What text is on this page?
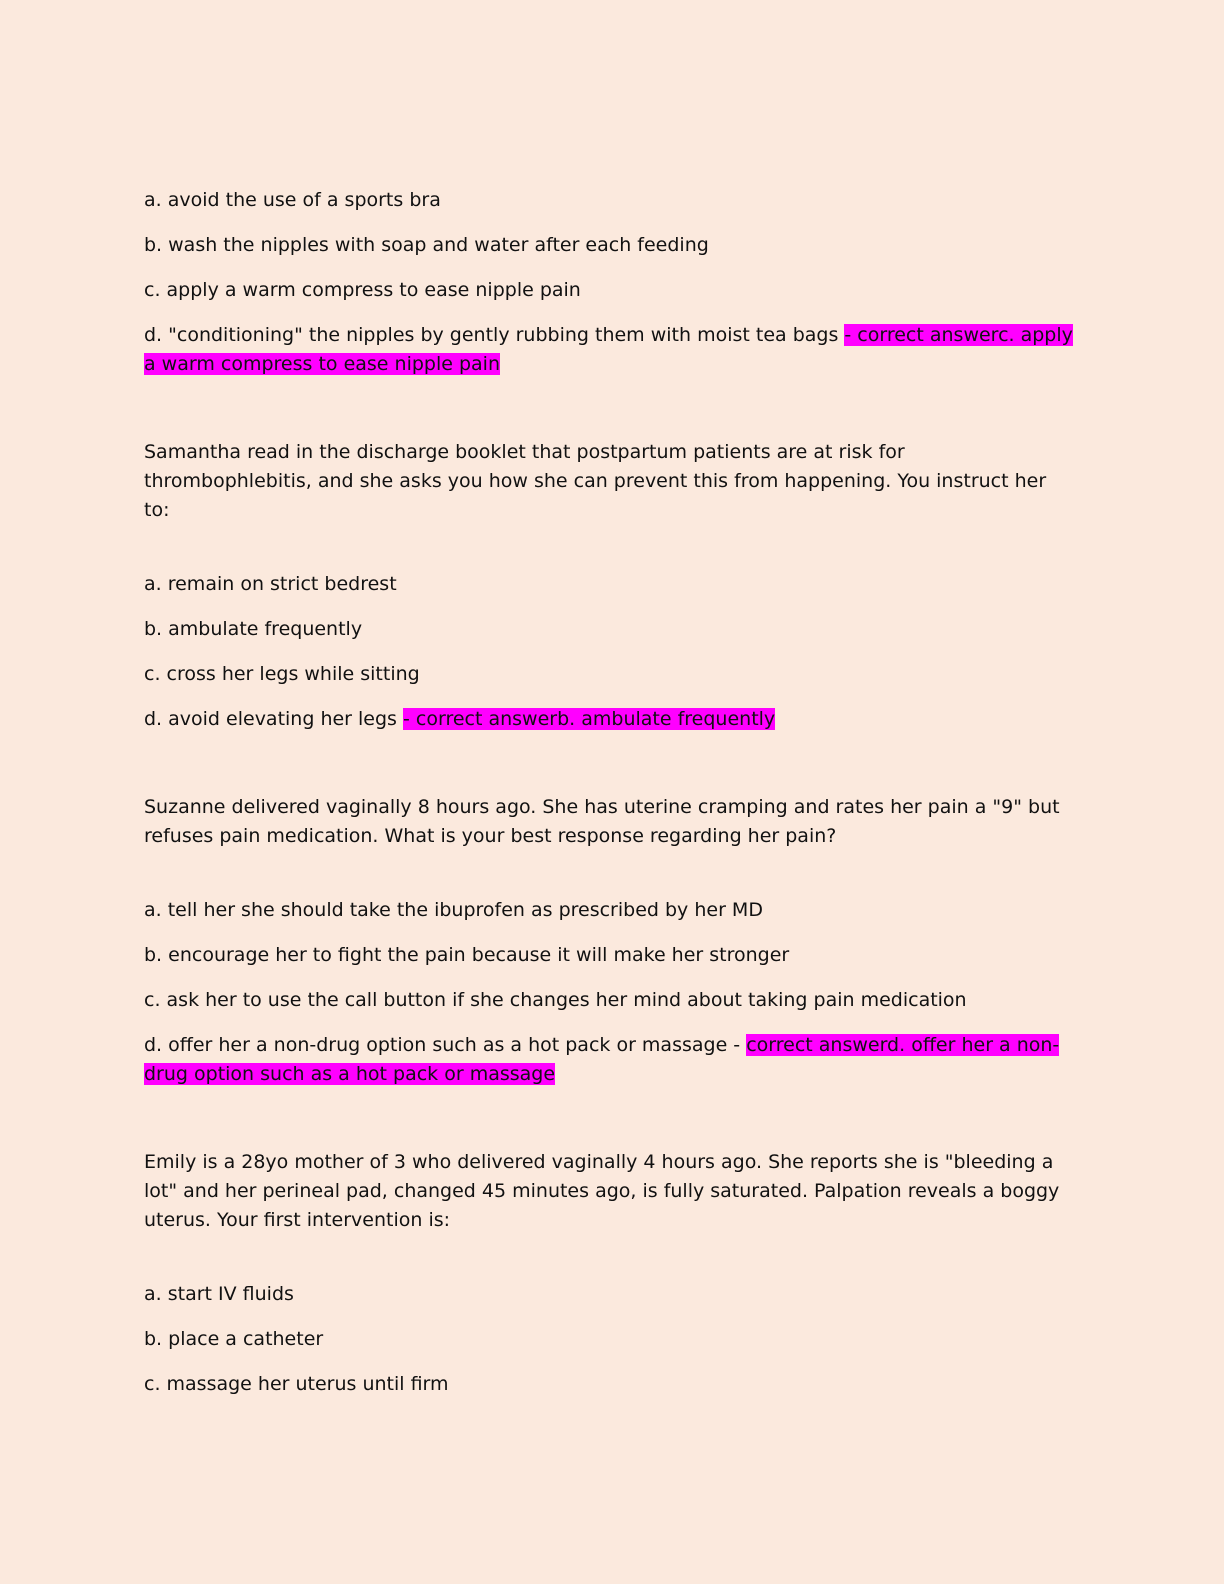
a. avoid the use of a sports bra

b. wash the nipples with soap and water after each feeding

c. apply a warm compress to ease nipple pain

d. "conditioning" the nipples by gently rubbing them with moist tea bags - correct answerc. apply a warm compress to ease nipple pain

Samantha read in the discharge booklet that postpartum patients are at risk for thrombophlebitis, and she asks you how she can prevent this from happening. You instruct her to:

a. remain on strict bedrest

b. ambulate frequently

c. cross her legs while sitting

d. avoid elevating her legs - correct answerb. ambulate frequently

Suzanne delivered vaginally 8 hours ago. She has uterine cramping and rates her pain a "9" but refuses pain medication. What is your best response regarding her pain?

a. tell her she should take the ibuprofen as prescribed by her MD

b. encourage her to fight the pain because it will make her stronger

c. ask her to use the call button if she changes her mind about taking pain medication

d. offer her a non-drug option such as a hot pack or massage - correct answerd. offer her a non-drug option such as a hot pack or massage

Emily is a 28yo mother of 3 who delivered vaginally 4 hours ago. She reports she is "bleeding a lot" and her perineal pad, changed 45 minutes ago, is fully saturated. Palpation reveals a boggy uterus. Your first intervention is:

a. start IV fluids

b. place a catheter

c. massage her uterus until firm
